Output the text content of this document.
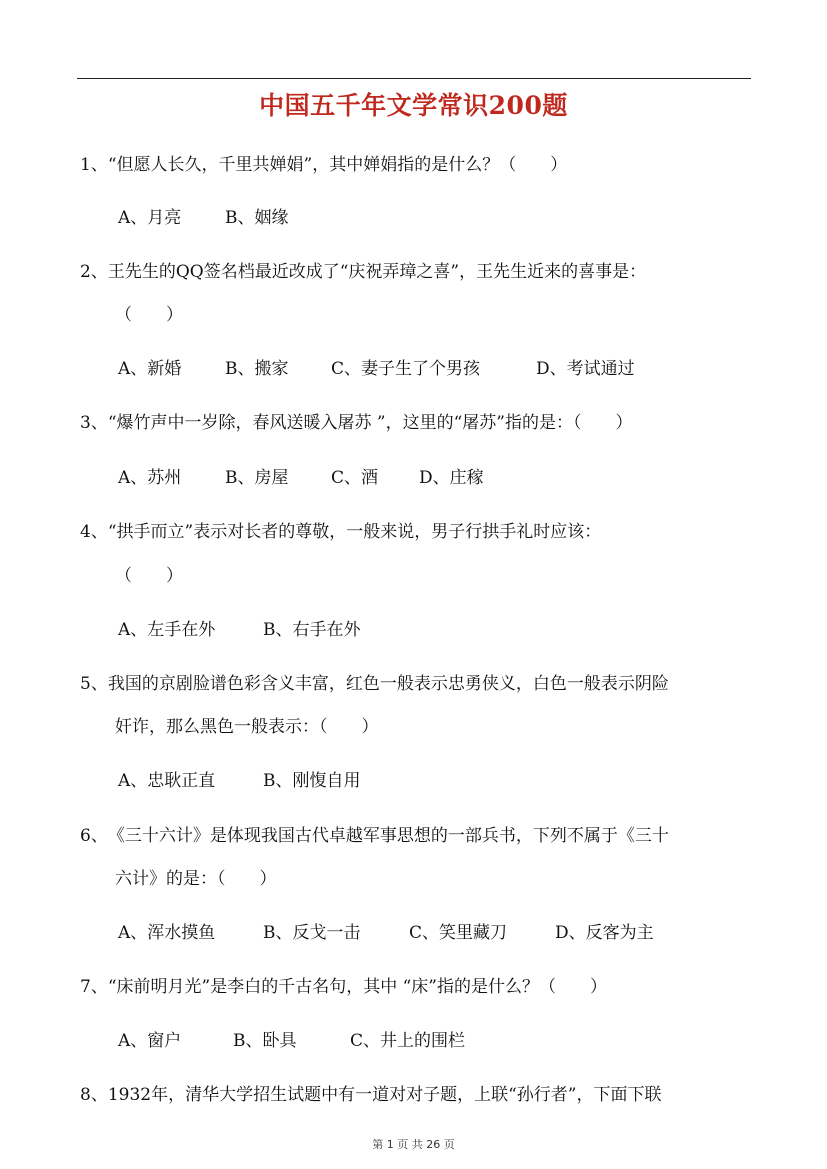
中国五千年文学常识200题
1、“但愿人长久，千里共婵娟”，其中婵娟指的是什么？（　　）
A、月亮	B、姻缘
2、王先生的QQ签名档最近改成了“庆祝弄璋之喜”，王先生近来的喜事是：
（　　）
A、新婚	B、搬家	C、妻子生了个男孩	D、考试通过
3、“爆竹声中一岁除，春风送暖入屠苏 ”，这里的“屠苏”指的是：（　　）
A、苏州	B、房屋	C、酒 D、庄稼
4、“拱手而立”表示对长者的尊敬，一般来说，男子行拱手礼时应该：
（　　）
A、左手在外	B、右手在外
5、我国的京剧脸谱色彩含义丰富，红色一般表示忠勇侠义，白色一般表示阴险
奸诈，那么黑色一般表示：（　　）
A、忠耿正直	B、刚愎自用
6、《三十六计》是体现我国古代卓越军事思想的一部兵书，下列不属于《三十
六计》的是：（　　）
A、浑水摸鱼	B、反戈一击	C、笑里藏刀	D、反客为主
7、“床前明月光”是李白的千古名句，其中 “床”指的是什么？（　　）
A、窗户	B、卧具	C、井上的围栏
8、1932年，清华大学招生试题中有一道对对子题，上联“孙行者”，下面下联
第 1 页 共 26 页
